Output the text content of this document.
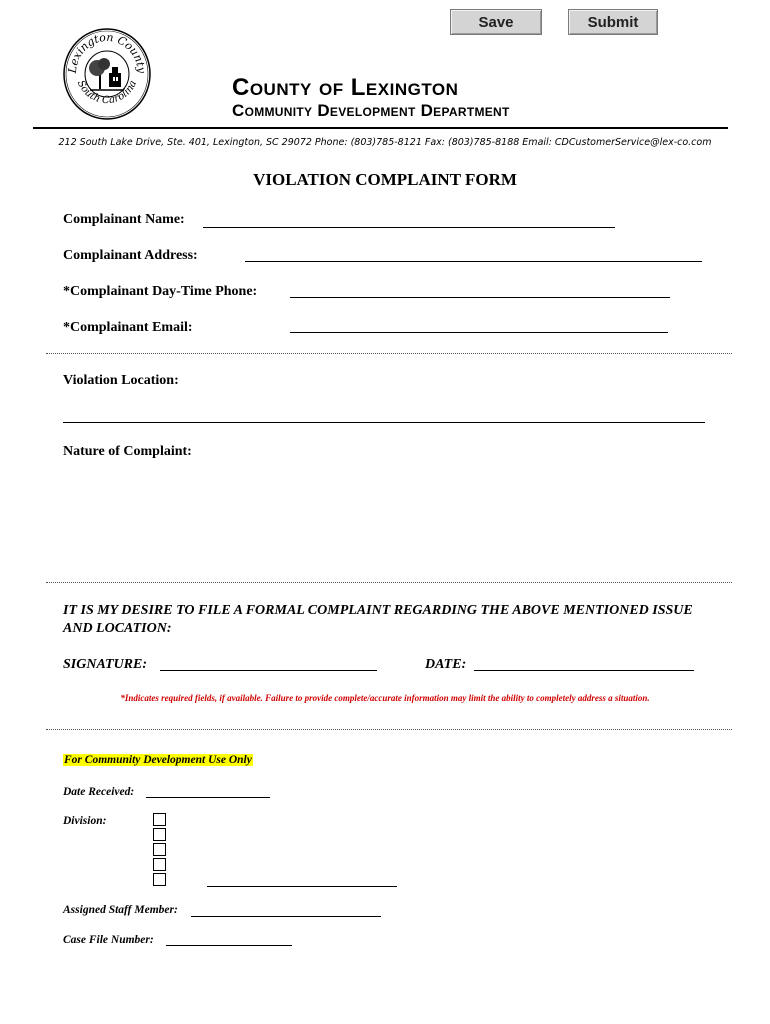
Save	Submit
Lexington County
South Carolina	County of Lexington
Community Development Department
212 South Lake Drive, Ste. 401, Lexington, SC 29072 Phone: (803)785-8121 Fax: (803)785-8188 Email: CDCustomerService@lex-co.com
VIOLATION COMPLAINT FORM
Complainant Name:
Complainant Address:
*Complainant Day-Time Phone:
*Complainant Email:
Violation Location:
Nature of Complaint:
IT IS MY DESIRE TO FILE A FORMAL COMPLAINT REGARDING THE ABOVE MENTIONED ISSUE AND LOCATION:
SIGNATURE:	DATE:
*Indicates required fields, if available. Failure to provide complete/accurate information may limit the ability to completely address a situation.
For Community Development Use Only
Date Received:
Division:
Assigned Staff Member:
Case File Number:
